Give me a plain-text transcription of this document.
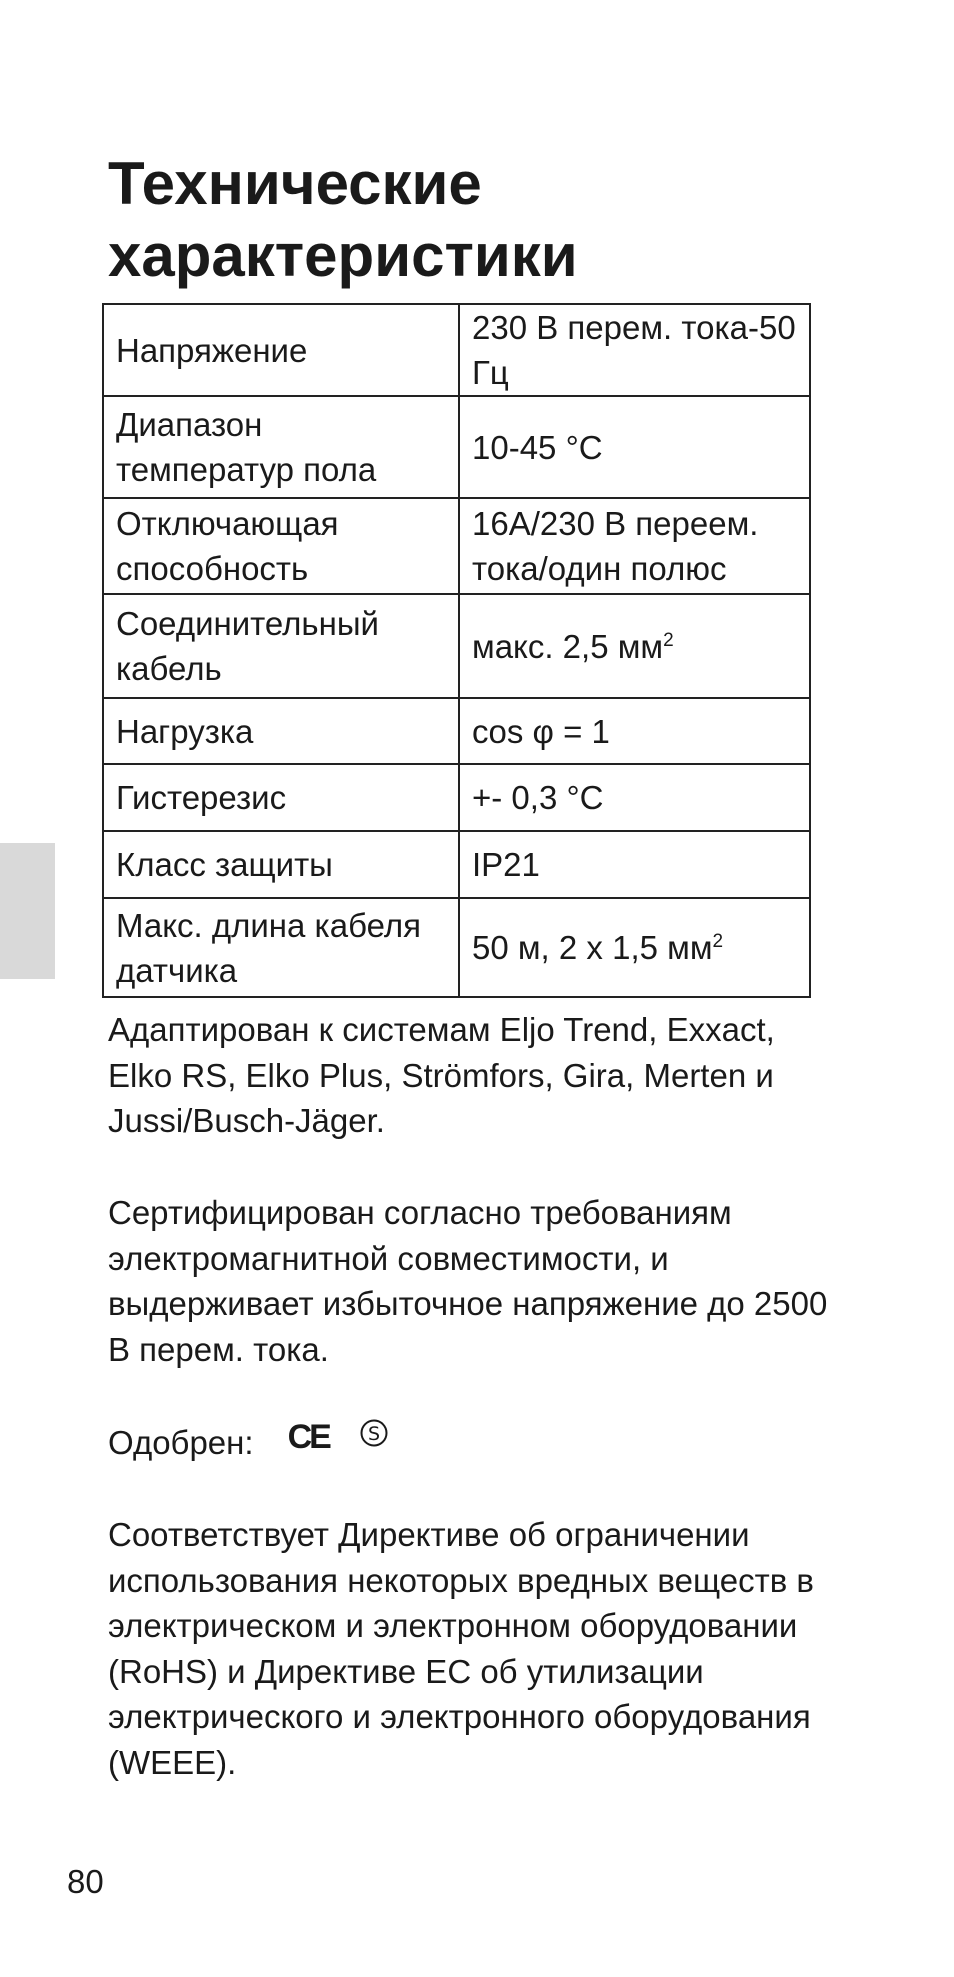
Технические характеристики
Напряжение	230 В перем. тока-50 Гц
Диапазон температур пола	10-45 °C
Отключающая способность	16А/230 В переем. тока/один полюс
Соединительный кабель	макс. 2,5 $мм^2$
Нагрузка	cos φ = 1
Гистерезис	+- 0,3 °C
Класс защиты	IP21
Макс. длина кабеля датчика	50 м, 2 x 1,5 $мм^2$

Адаптирован к системам Eljo Trend, Exxact, Elko RS, Elko Plus, Strömfors, Gira, Merten и Jussi/Busch-Jäger.

Сертифицирован согласно требованиям электромагнитной совместимости, и выдерживает избыточное напряжение до 2500 В перем. тока.

Одобрен: CE S

Соответствует Директиве об ограничении использования некоторых вредных веществ в электрическом и электронном оборудовании (RoHS) и Директиве ЕС об утилизации электрического и электронного оборудования (WEEE).

80
